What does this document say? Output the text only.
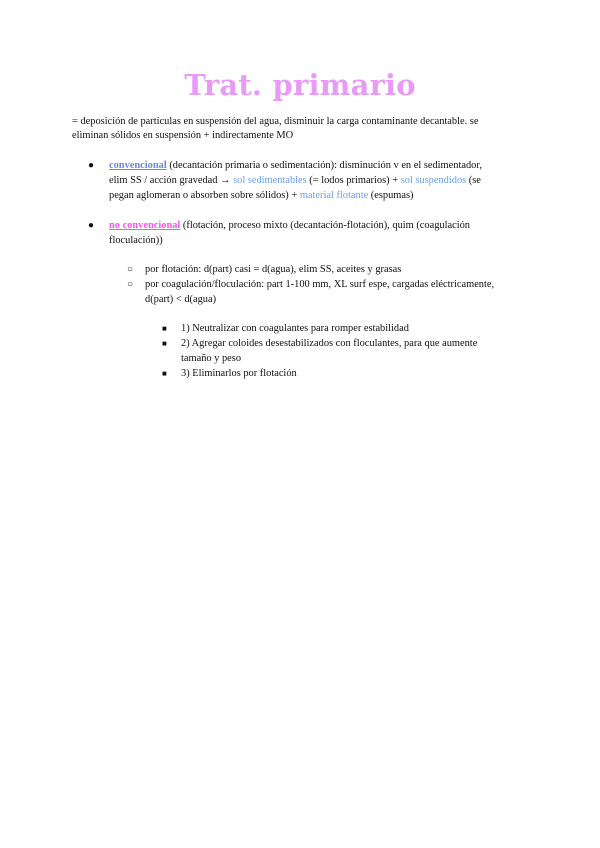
Trat. primario
= deposición de partículas en suspensión del agua, disminuir la carga contaminante decantable. se
eliminan sólidos en suspensión + indirectamente MO
● convencional (decantación primaria o sedimentación): disminución v en el sedimentador,
elim SS / acción gravedad → sol sedimentables (= lodos primarios) + sol suspendidos (se
pegan aglomeran o absorben sobre sólidos) + material flotante (espumas)
● no convencional (flotación, proceso mixto (decantación-flotación), quim (coagulación
floculación))
○ por flotación: d(part) casi = d(agua), elim SS, aceites y grasas
○ por coagulación/floculación: part 1-100 mm, XL surf espe, cargadas eléctricamente,
d(part) < d(agua)
■ 1) Neutralizar con coagulantes para romper estabilidad
■ 2) Agregar coloides desestabilizados con floculantes, para que aumente
tamaño y peso
■ 3) Eliminarlos por flotación
